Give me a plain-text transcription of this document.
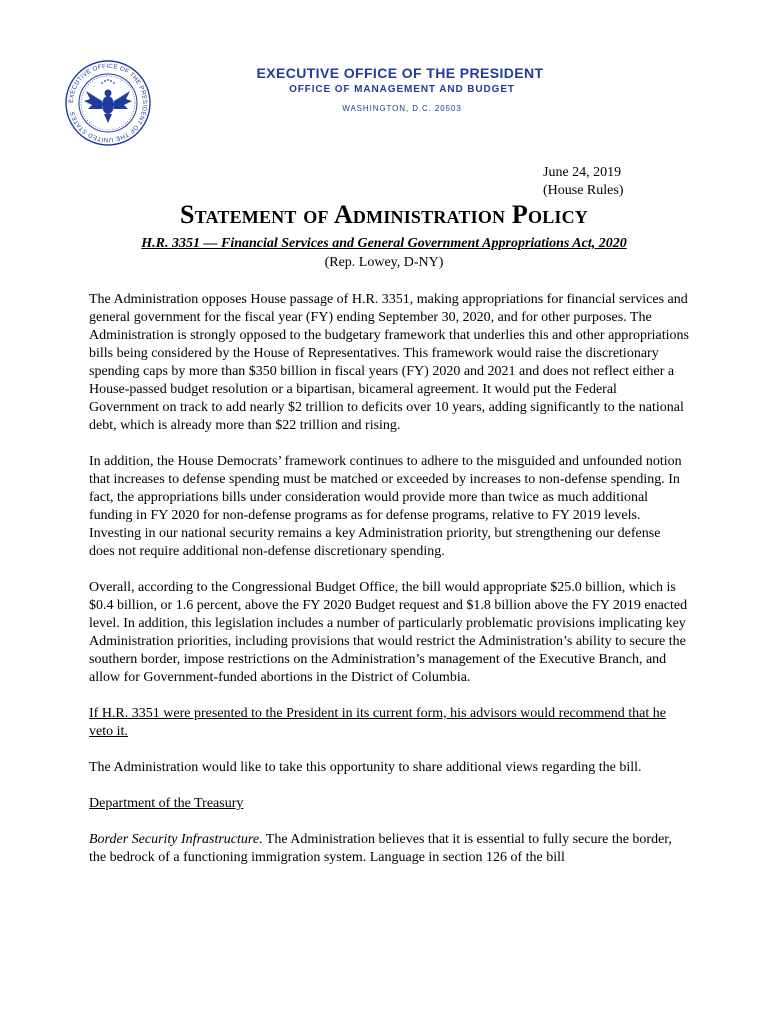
EXECUTIVE OFFICE OF THE PRESIDENT OF THE UNITED STATES
EXECUTIVE OFFICE OF THE PRESIDENT
OFFICE OF MANAGEMENT AND BUDGET
WASHINGTON, D.C. 20503
June 24, 2019
(House Rules)
Statement of Administration Policy
H.R. 3351 — Financial Services and General Government Appropriations Act, 2020
(Rep. Lowey, D-NY)

The Administration opposes House passage of H.R. 3351, making appropriations for financial services and general government for the fiscal year (FY) ending September 30, 2020, and for other purposes. The Administration is strongly opposed to the budgetary framework that underlies this and other appropriations bills being considered by the House of Representatives. This framework would raise the discretionary spending caps by more than $350 billion in fiscal years (FY) 2020 and 2021 and does not reflect either a House-passed budget resolution or a bipartisan, bicameral agreement. It would put the Federal Government on track to add nearly $2 trillion to deficits over 10 years, adding significantly to the national debt, which is already more than $22 trillion and rising.

In addition, the House Democrats’ framework continues to adhere to the misguided and unfounded notion that increases to defense spending must be matched or exceeded by increases to non-defense spending. In fact, the appropriations bills under consideration would provide more than twice as much additional funding in FY 2020 for non-defense programs as for defense programs, relative to FY 2019 levels. Investing in our national security remains a key Administration priority, but strengthening our defense does not require additional non-defense discretionary spending.

Overall, according to the Congressional Budget Office, the bill would appropriate $25.0 billion, which is $0.4 billion, or 1.6 percent, above the FY 2020 Budget request and $1.8 billion above the FY 2019 enacted level. In addition, this legislation includes a number of particularly problematic provisions implicating key Administration priorities, including provisions that would restrict the Administration’s ability to secure the southern border, impose restrictions on the Administration’s management of the Executive Branch, and allow for Government-funded abortions in the District of Columbia.

If H.R. 3351 were presented to the President in its current form, his advisors would recommend that he veto it.

The Administration would like to take this opportunity to share additional views regarding the bill.

Department of the Treasury

Border Security Infrastructure. The Administration believes that it is essential to fully secure the border, the bedrock of a functioning immigration system. Language in section 126 of the bill
